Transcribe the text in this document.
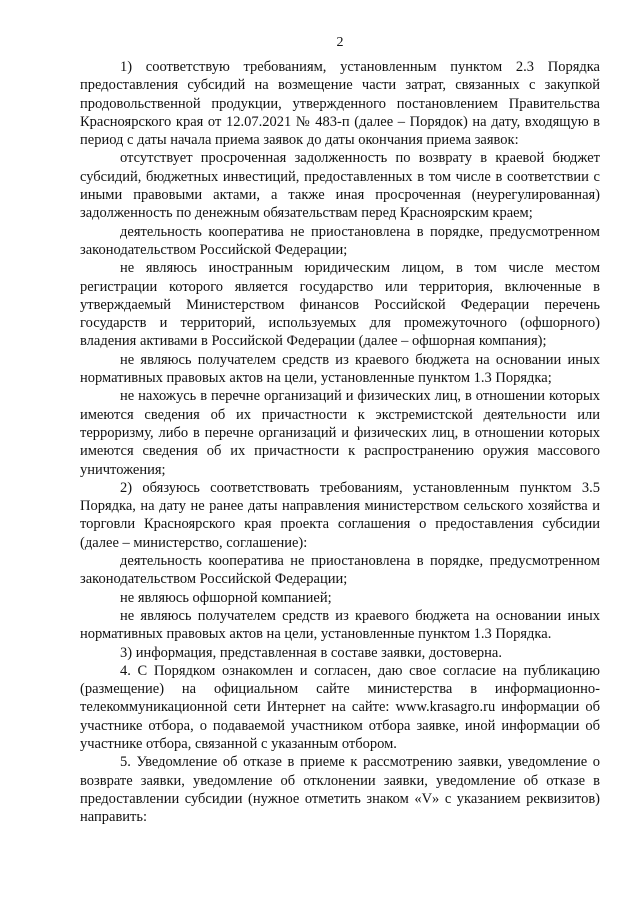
2

1) соответствую требованиям, установленным пунктом 2.3 Порядка предоставления субсидий на возмещение части затрат, связанных с закупкой продовольственной продукции, утвержденного постановлением Правительства Красноярского края от 12.07.2021 № 483-п (далее – Порядок) на дату, входящую в период с даты начала приема заявок до даты окончания приема заявок:

отсутствует просроченная задолженность по возврату в краевой бюджет субсидий, бюджетных инвестиций, предоставленных в том числе в соответствии с иными правовыми актами, а также иная просроченная (неурегулированная) задолженность по денежным обязательствам перед Красноярским краем;

деятельность кооператива не приостановлена в порядке, предусмотренном законодательством Российской Федерации;

не являюсь иностранным юридическим лицом, в том числе местом регистрации которого является государство или территория, включенные в утверждаемый Министерством финансов Российской Федерации перечень государств и территорий, используемых для промежуточного (офшорного) владения активами в Российской Федерации (далее – офшорная компания);

не являюсь получателем средств из краевого бюджета на основании иных нормативных правовых актов на цели, установленные пунктом 1.3 Порядка;

не нахожусь в перечне организаций и физических лиц, в отношении которых имеются сведения об их причастности к экстремистской деятельности или терроризму, либо в перечне организаций и физических лиц, в отношении которых имеются сведения об их причастности к распространению оружия массового уничтожения;

2) обязуюсь соответствовать требованиям, установленным пунктом 3.5 Порядка, на дату не ранее даты направления министерством сельского хозяйства и торговли Красноярского края проекта соглашения о предоставления субсидии (далее – министерство, соглашение):

деятельность кооператива не приостановлена в порядке, предусмотренном законодательством Российской Федерации;

не являюсь офшорной компанией;

не являюсь получателем средств из краевого бюджета на основании иных нормативных правовых актов на цели, установленные пунктом 1.3 Порядка.

3) информация, представленная в составе заявки, достоверна.

4. С Порядком ознакомлен и согласен, даю свое согласие на публикацию (размещение) на официальном сайте министерства в информационно-телекоммуникационной сети Интернет на сайте: www.krasagro.ru информации об участнике отбора, о подаваемой участником отбора заявке, иной информации об участнике отбора, связанной с указанным отбором.

5. Уведомление об отказе в приеме к рассмотрению заявки, уведомление о возврате заявки, уведомление об отклонении заявки, уведомление об отказе в предоставлении субсидии (нужное отметить знаком «V» с указанием реквизитов) направить:
